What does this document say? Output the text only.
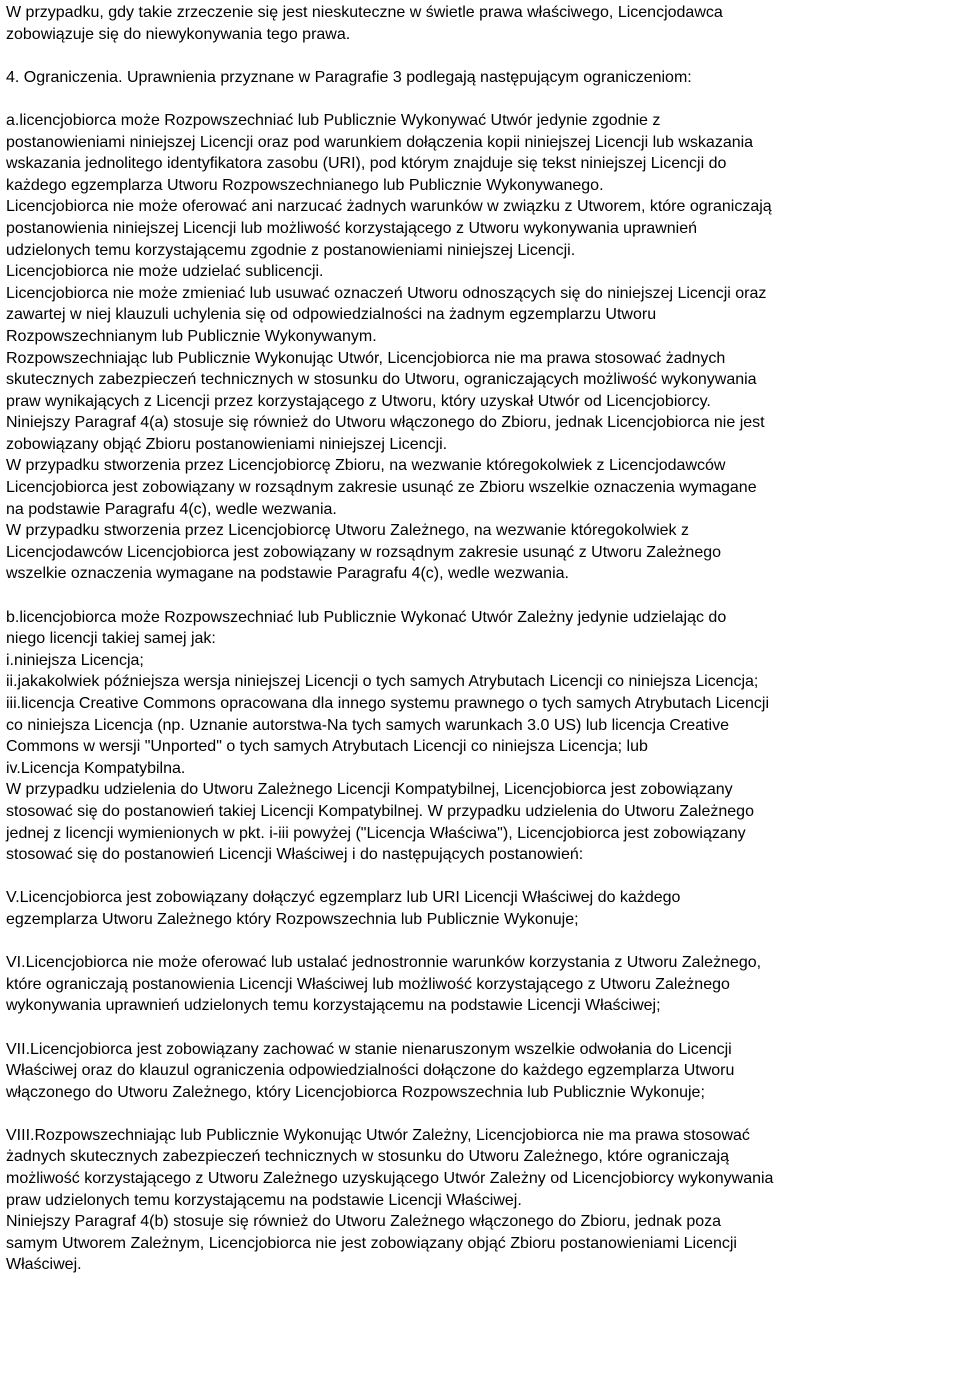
W przypadku, gdy takie zrzeczenie się jest nieskuteczne w świetle prawa właściwego, Licencjodawca
zobowiązuje się do niewykonywania tego prawa.

4. Ograniczenia. Uprawnienia przyznane w Paragrafie 3 podlegają następującym ograniczeniom:

a.licencjobiorca może Rozpowszechniać lub Publicznie Wykonywać Utwór jedynie zgodnie z
postanowieniami niniejszej Licencji oraz pod warunkiem dołączenia kopii niniejszej Licencji lub wskazania
wskazania jednolitego identyfikatora zasobu (URI), pod którym znajduje się tekst niniejszej Licencji do
każdego egzemplarza Utworu Rozpowszechnianego lub Publicznie Wykonywanego.

Licencjobiorca nie może oferować ani narzucać żadnych warunków w związku z Utworem, które ograniczają
postanowienia niniejszej Licencji lub możliwość korzystającego z Utworu wykonywania uprawnień
udzielonych temu korzystającemu zgodnie z postanowieniami niniejszej Licencji.

Licencjobiorca nie może udzielać sublicencji.

Licencjobiorca nie może zmieniać lub usuwać oznaczeń Utworu odnoszących się do niniejszej Licencji oraz
zawartej w niej klauzuli uchylenia się od odpowiedzialności na żadnym egzemplarzu Utworu
Rozpowszechnianym lub Publicznie Wykonywanym.

Rozpowszechniając lub Publicznie Wykonując Utwór, Licencjobiorca nie ma prawa stosować żadnych
skutecznych zabezpieczeń technicznych w stosunku do Utworu, ograniczających możliwość wykonywania
praw wynikających z Licencji przez korzystającego z Utworu, który uzyskał Utwór od Licencjobiorcy.

Niniejszy Paragraf 4(a) stosuje się również do Utworu włączonego do Zbioru, jednak Licencjobiorca nie jest
zobowiązany objąć Zbioru postanowieniami niniejszej Licencji.

W przypadku stworzenia przez Licencjobiorcę Zbioru, na wezwanie któregokolwiek z Licencjodawców
Licencjobiorca jest zobowiązany w rozsądnym zakresie usunąć ze Zbioru wszelkie oznaczenia wymagane
na podstawie Paragrafu 4(c), wedle wezwania.

W przypadku stworzenia przez Licencjobiorcę Utworu Zależnego, na wezwanie któregokolwiek z
Licencjodawców Licencjobiorca jest zobowiązany w rozsądnym zakresie usunąć z Utworu Zależnego
wszelkie oznaczenia wymagane na podstawie Paragrafu 4(c), wedle wezwania.

b.licencjobiorca może Rozpowszechniać lub Publicznie Wykonać Utwór Zależny jedynie udzielając do
niego licencji takiej samej jak:

i.niniejsza Licencja;

ii.jakakolwiek późniejsza wersja niniejszej Licencji o tych samych Atrybutach Licencji co niniejsza Licencja;

iii.licencja Creative Commons opracowana dla innego systemu prawnego o tych samych Atrybutach Licencji
co niniejsza Licencja (np. Uznanie autorstwa-Na tych samych warunkach 3.0 US) lub licencja Creative
Commons w wersji "Unported" o tych samych Atrybutach Licencji co niniejsza Licencja; lub

iv.Licencja Kompatybilna.

W przypadku udzielenia do Utworu Zależnego Licencji Kompatybilnej, Licencjobiorca jest zobowiązany
stosować się do postanowień takiej Licencji Kompatybilnej. W przypadku udzielenia do Utworu Zależnego
jednej z licencji wymienionych w pkt. i-iii powyżej ("Licencja Właściwa"), Licencjobiorca jest zobowiązany
stosować się do postanowień Licencji Właściwej i do następujących postanowień:

V.Licencjobiorca jest zobowiązany dołączyć egzemplarz lub URI Licencji Właściwej do każdego
egzemplarza Utworu Zależnego który Rozpowszechnia lub Publicznie Wykonuje;

VI.Licencjobiorca nie może oferować lub ustalać jednostronnie warunków korzystania z Utworu Zależnego,
które ograniczają postanowienia Licencji Właściwej lub możliwość korzystającego z Utworu Zależnego
wykonywania uprawnień udzielonych temu korzystającemu na podstawie Licencji Właściwej;

VII.Licencjobiorca jest zobowiązany zachować w stanie nienaruszonym wszelkie odwołania do Licencji
Właściwej oraz do klauzul ograniczenia odpowiedzialności dołączone do każdego egzemplarza Utworu
włączonego do Utworu Zależnego, który Licencjobiorca Rozpowszechnia lub Publicznie Wykonuje;

VIII.Rozpowszechniając lub Publicznie Wykonując Utwór Zależny, Licencjobiorca nie ma prawa stosować
żadnych skutecznych zabezpieczeń technicznych w stosunku do Utworu Zależnego, które ograniczają
możliwość korzystającego z Utworu Zależnego uzyskującego Utwór Zależny od Licencjobiorcy wykonywania
praw udzielonych temu korzystającemu na podstawie Licencji Właściwej.

Niniejszy Paragraf 4(b) stosuje się również do Utworu Zależnego włączonego do Zbioru, jednak poza
samym Utworem Zależnym, Licencjobiorca nie jest zobowiązany objąć Zbioru postanowieniami Licencji
Właściwej.
